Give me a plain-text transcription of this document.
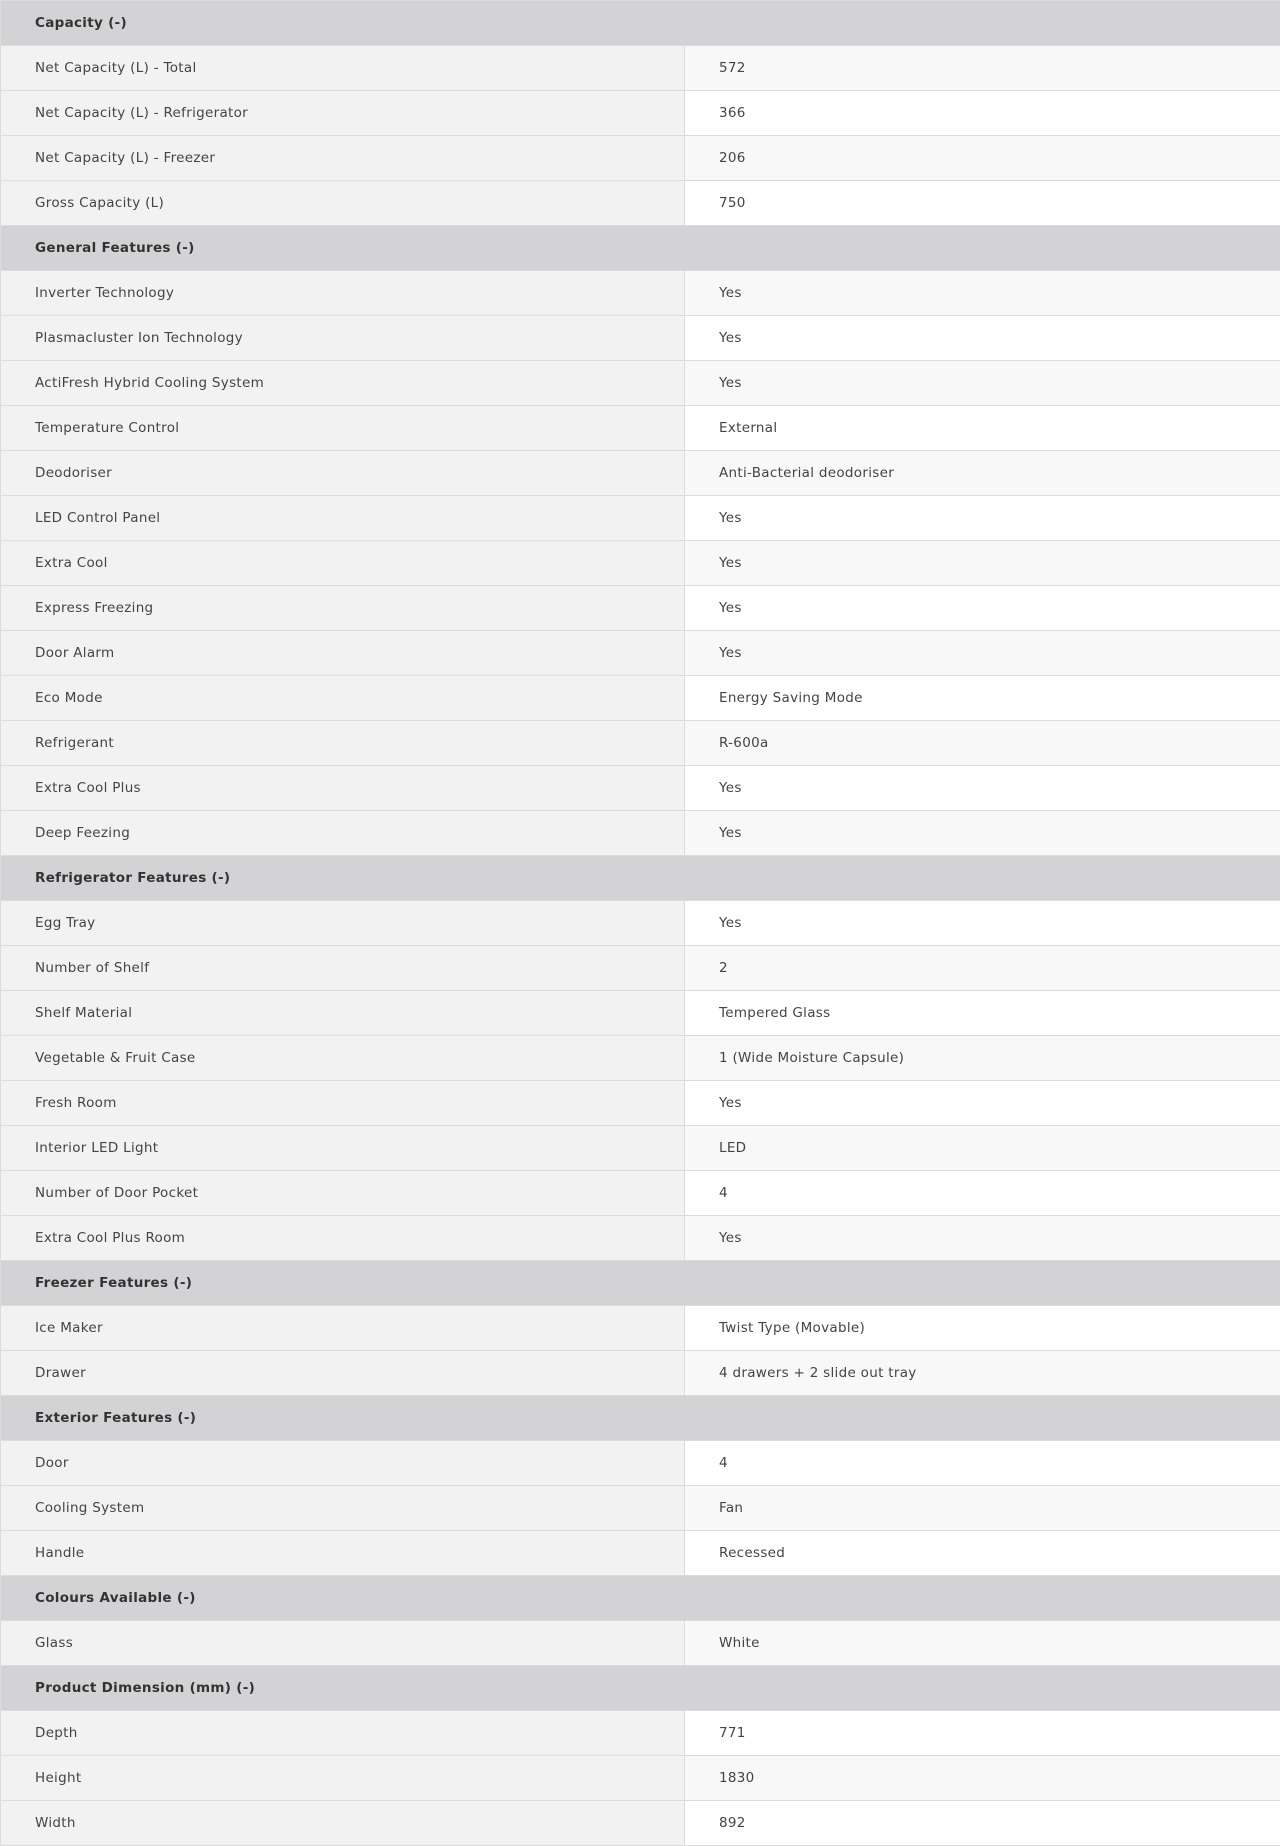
Capacity (-)	
Net Capacity (L) - Total	572
Net Capacity (L) - Refrigerator	366
Net Capacity (L) - Freezer	206
Gross Capacity (L)	750
General Features (-)	
Inverter Technology	Yes
Plasmacluster Ion Technology	Yes
ActiFresh Hybrid Cooling System	Yes
Temperature Control	External
Deodoriser	Anti-Bacterial deodoriser
LED Control Panel	Yes
Extra Cool	Yes
Express Freezing	Yes
Door Alarm	Yes
Eco Mode	Energy Saving Mode
Refrigerant	R-600a
Extra Cool Plus	Yes
Deep Feezing	Yes
Refrigerator Features (-)	
Egg Tray	Yes
Number of Shelf	2
Shelf Material	Tempered Glass
Vegetable & Fruit Case	1 (Wide Moisture Capsule)
Fresh Room	Yes
Interior LED Light	LED
Number of Door Pocket	4
Extra Cool Plus Room	Yes
Freezer Features (-)	
Ice Maker	Twist Type (Movable)
Drawer	4 drawers + 2 slide out tray
Exterior Features (-)	
Door	4
Cooling System	Fan
Handle	Recessed
Colours Available (-)	
Glass	White
Product Dimension (mm) (-)	
Depth	771
Height	1830
Width	892
